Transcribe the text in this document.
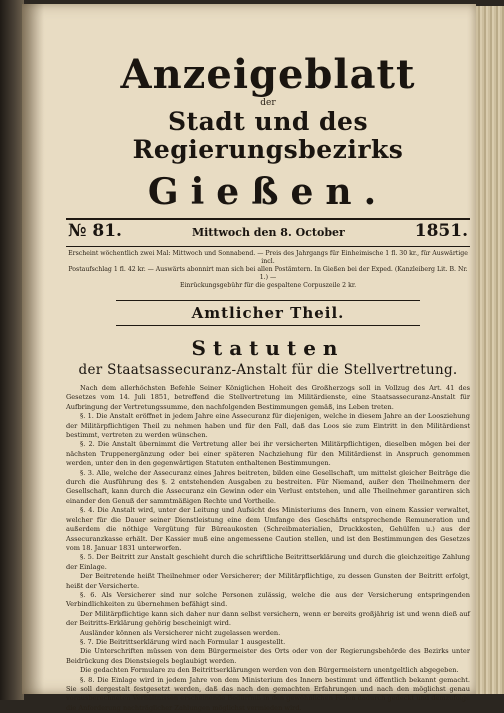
Anzeigeblatt
der
Stadt und des Regierungsbezirks
Gießen.
№ 81.	Mittwoch den 8. October	1851.
Erscheint wöchentlich zwei Mal: Mittwoch und Sonnabend. — Preis des Jahrgangs für Einheimische 1 fl. 30 kr., für Auswärtige incl.
Postaufschlag 1 fl. 42 kr. — Auswärts abonnirt man sich bei allen Postämtern. In Gießen bei der Exped. (Kanzleiberg Lit. B. Nr. 1.) —
Einrückungsgebühr für die gespaltene Corpuszeile 2 kr.
Amtlicher Theil.
Statuten
der Staatsassecuranz-Anstalt für die Stellvertretung.

Nach dem allerhöchsten Befehle Seiner Königlichen Hoheit des Großherzogs soll in Vollzug des Art. 41 des Gesetzes vom 14. Juli 1851, betreffend die Stellvertretung im Militärdienste, eine Staatsassecuranz-Anstalt für Aufbringung der Vertretungssumme, den nachfolgenden Bestimmungen gemäß, ins Leben treten.

§. 1. Die Anstalt eröffnet in jedem Jahre eine Assecuranz für diejenigen, welche in diesem Jahre an der Loosziehung der Militärpflichtigen Theil zu nehmen haben und für den Fall, daß das Loos sie zum Eintritt in den Militärdienst bestimmt, vertreten zu werden wünschen.

§. 2. Die Anstalt übernimmt die Vertretung aller bei ihr versicherten Militärpflichtigen, dieselben mögen bei der nächsten Truppenergänzung oder bei einer späteren Nachziehung für den Militärdienst in Anspruch genommen werden, unter den in den gegenwärtigen Statuten enthaltenen Bestimmungen.

§. 3. Alle, welche der Assecuranz eines Jahres beitreten, bilden eine Gesellschaft, um mittelst gleicher Beiträge die durch die Ausführung des §. 2 entstehenden Ausgaben zu bestreiten. Für Niemand, außer den Theilnehmern der Gesellschaft, kann durch die Assecuranz ein Gewinn oder ein Verlust entstehen, und alle Theilnehmer garantiren sich einander den Genuß der sammtmäßigen Rechte und Vortheile.

§. 4. Die Anstalt wird, unter der Leitung und Aufsicht des Ministeriums des Innern, von einem Kassier verwaltet, welcher für die Dauer seiner Dienstleistung eine dem Umfange des Geschäfts entsprechende Remuneration und außerdem die nöthige Vergütung für Büreaukosten (Schreibmaterialien, Druckkosten, Gehülfen u.) aus der Assecuranzkasse erhält. Der Kassier muß eine angemessene Caution stellen, und ist den Bestimmungen des Gesetzes vom 18. Januar 1831 unterworfen.

§. 5. Der Beitritt zur Anstalt geschieht durch die schriftliche Beitrittserklärung und durch die gleichzeitige Zahlung der Einlage.

Der Beitretende heißt Theilnehmer oder Versicherer; der Militärpflichtige, zu dessen Gunsten der Beitritt erfolgt, heißt der Versicherte.

§. 6. Als Versicherer sind nur solche Personen zulässig, welche die aus der Versicherung entspringenden Verbindlichkeiten zu übernehmen befähigt sind.

Der Militärpflichtige kann sich daher nur dann selbst versichern, wenn er bereits großjährig ist und wenn dieß auf der Beitritts-Erklärung gehörig bescheinigt wird.

Ausländer können als Versicherer nicht zugelassen werden.

§. 7. Die Beitrittserklärung wird nach Formular 1 ausgestellt.

Die Unterschriften müssen von dem Bürgermeister des Orts oder von der Regierungsbehörde des Bezirks unter Beidrückung des Dienstsiegels beglaubigt werden.

Die gedachten Formulare zu den Beitrittserklärungen werden von den Bürgermeistern unentgeltlich abgegeben.

§. 8. Die Einlage wird in jedem Jahre von dem Ministerium des Innern bestimmt und öffentlich bekannt gemacht. Sie soll dergestalt festgesetzt werden, daß das nach den gemachten Erfahrungen und nach den möglichst genau vorausberechneten Verhältnissen erscheinende Bedürfniß in den gewöhnlichen Fällen dadurch gedeckt und demzufolge die Anforderung nachträglicher Zahlungen möglichst vermieden wird.
